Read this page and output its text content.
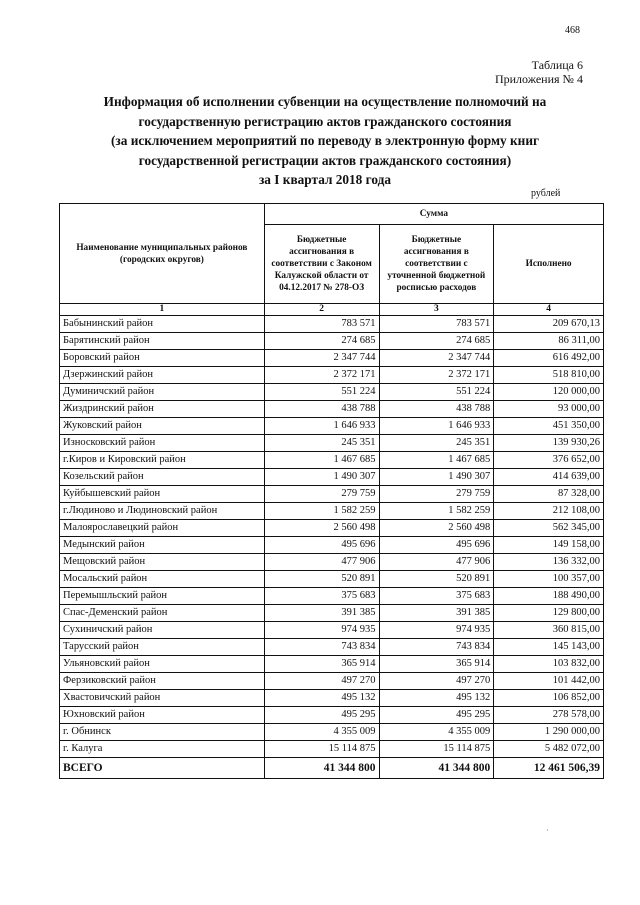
468
Таблица 6
Приложения № 4
Информация об исполнении субвенции на осуществление полномочий на
государственную регистрацию актов гражданского состояния
(за исключением мероприятий по переводу в электронную форму книг
государственной регистрации актов гражданского состояния)
за I квартал 2018 года
рублей
Наименование муниципальных районов (городских округов)	Сумма		
	Бюджетные ассигнования в соответствии с Законом Калужской области от 04.12.2017 № 278-ОЗ	Бюджетные ассигнования в соответствии с уточненной бюджетной росписью расходов	Исполнено
1	2	3	4
Бабынинский район	783 571	783 571	209 670,13
Барятинский район	274 685	274 685	86 311,00
Боровский район	2 347 744	2 347 744	616 492,00
Дзержинский район	2 372 171	2 372 171	518 810,00
Думиничский район	551 224	551 224	120 000,00
Жиздринский район	438 788	438 788	93 000,00
Жуковский район	1 646 933	1 646 933	451 350,00
Износковский район	245 351	245 351	139 930,26
г.Киров и Кировский район	1 467 685	1 467 685	376 652,00
Козельский район	1 490 307	1 490 307	414 639,00
Куйбышевский район	279 759	279 759	87 328,00
г.Людиново и Людиновский район	1 582 259	1 582 259	212 108,00
Малоярославецкий район	2 560 498	2 560 498	562 345,00
Медынский район	495 696	495 696	149 158,00
Мещовский район	477 906	477 906	136 332,00
Мосальский район	520 891	520 891	100 357,00
Перемышльский район	375 683	375 683	188 490,00
Спас-Деменский район	391 385	391 385	129 800,00
Сухиничский район	974 935	974 935	360 815,00
Тарусский район	743 834	743 834	145 143,00
Ульяновский район	365 914	365 914	103 832,00
Ферзиковский район	497 270	497 270	101 442,00
Хвастовичский район	495 132	495 132	106 852,00
Юхновский район	495 295	495 295	278 578,00
г. Обнинск	4 355 009	4 355 009	1 290 000,00
г. Калуга	15 114 875	15 114 875	5 482 072,00
ВСЕГО	41 344 800	41 344 800	12 461 506,39
·
